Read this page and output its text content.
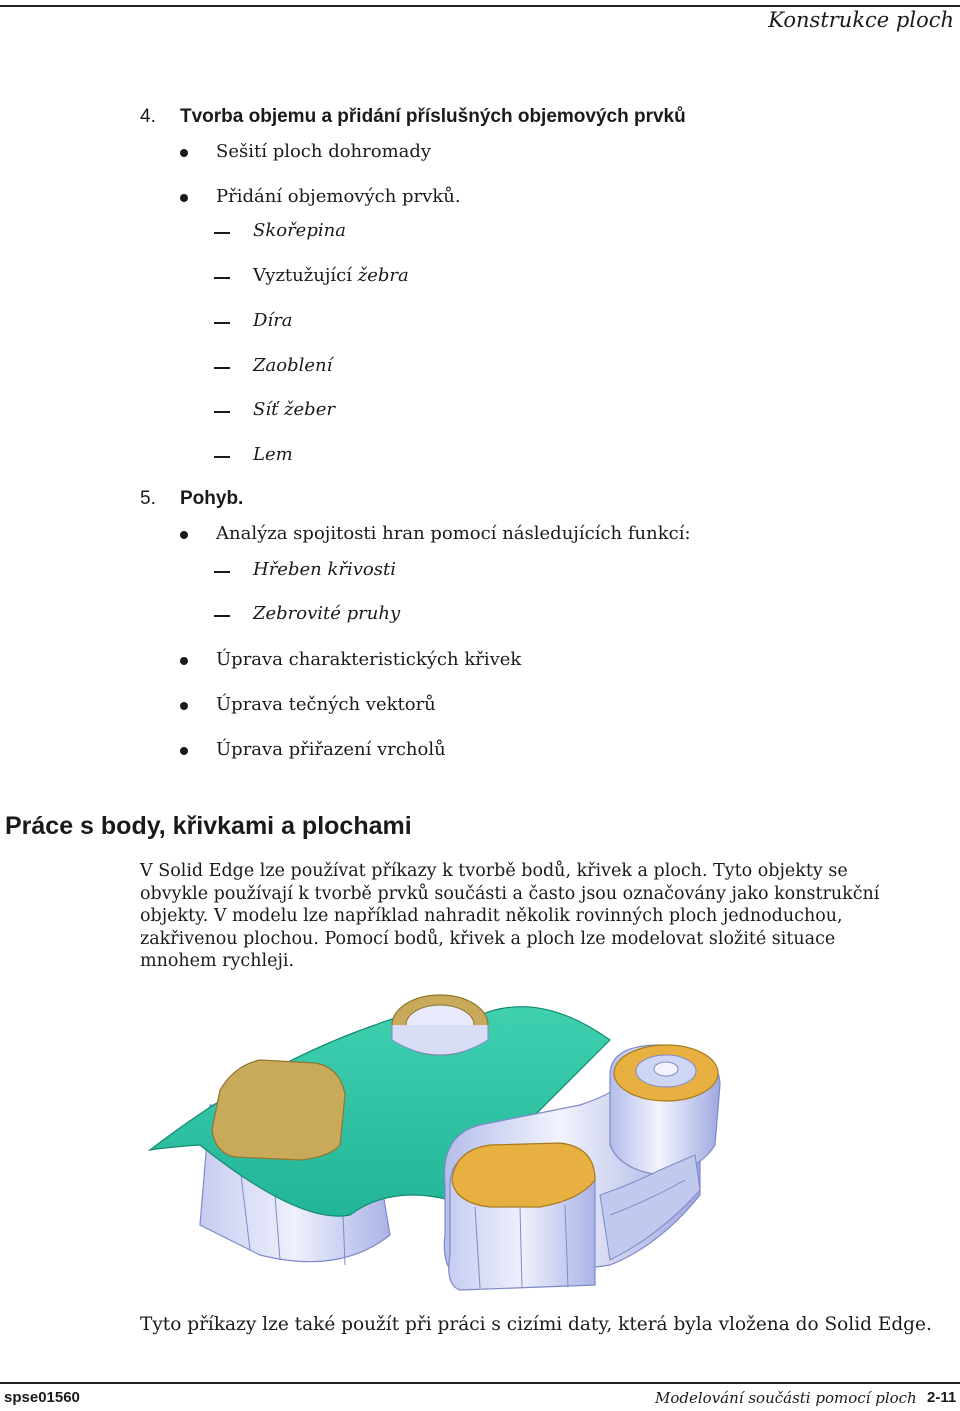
Konstrukce ploch
4. Tvorba objemu a přidání příslušných objemových prvků
Sešití ploch dohromady
Přidání objemových prvků.
Skořepina
Vyztužující žebra
Díra
Zaoblení
Síť žeber
Lem
5. Pohyb.
Analýza spojitosti hran pomocí následujících funkcí:
Hřeben křivosti
Zebrovité pruhy
Úprava charakteristických křivek
Úprava tečných vektorů
Úprava přiřazení vrcholů
Práce s body, křivkami a plochami
V Solid Edge lze používat příkazy k tvorbě bodů, křivek a ploch. Tyto objekty se
obvykle používají k tvorbě prvků součásti a často jsou označovány jako konstrukční
objekty. V modelu lze například nahradit několik rovinných ploch jednoduchou,
zakřivenou plochou. Pomocí bodů, křivek a ploch lze modelovat složité situace
mnohem rychleji.
Tyto příkazy lze také použít při práci s cizími daty, která byla vložena do Solid Edge.
spse01560	Modelování součásti pomocí ploch 2-11
